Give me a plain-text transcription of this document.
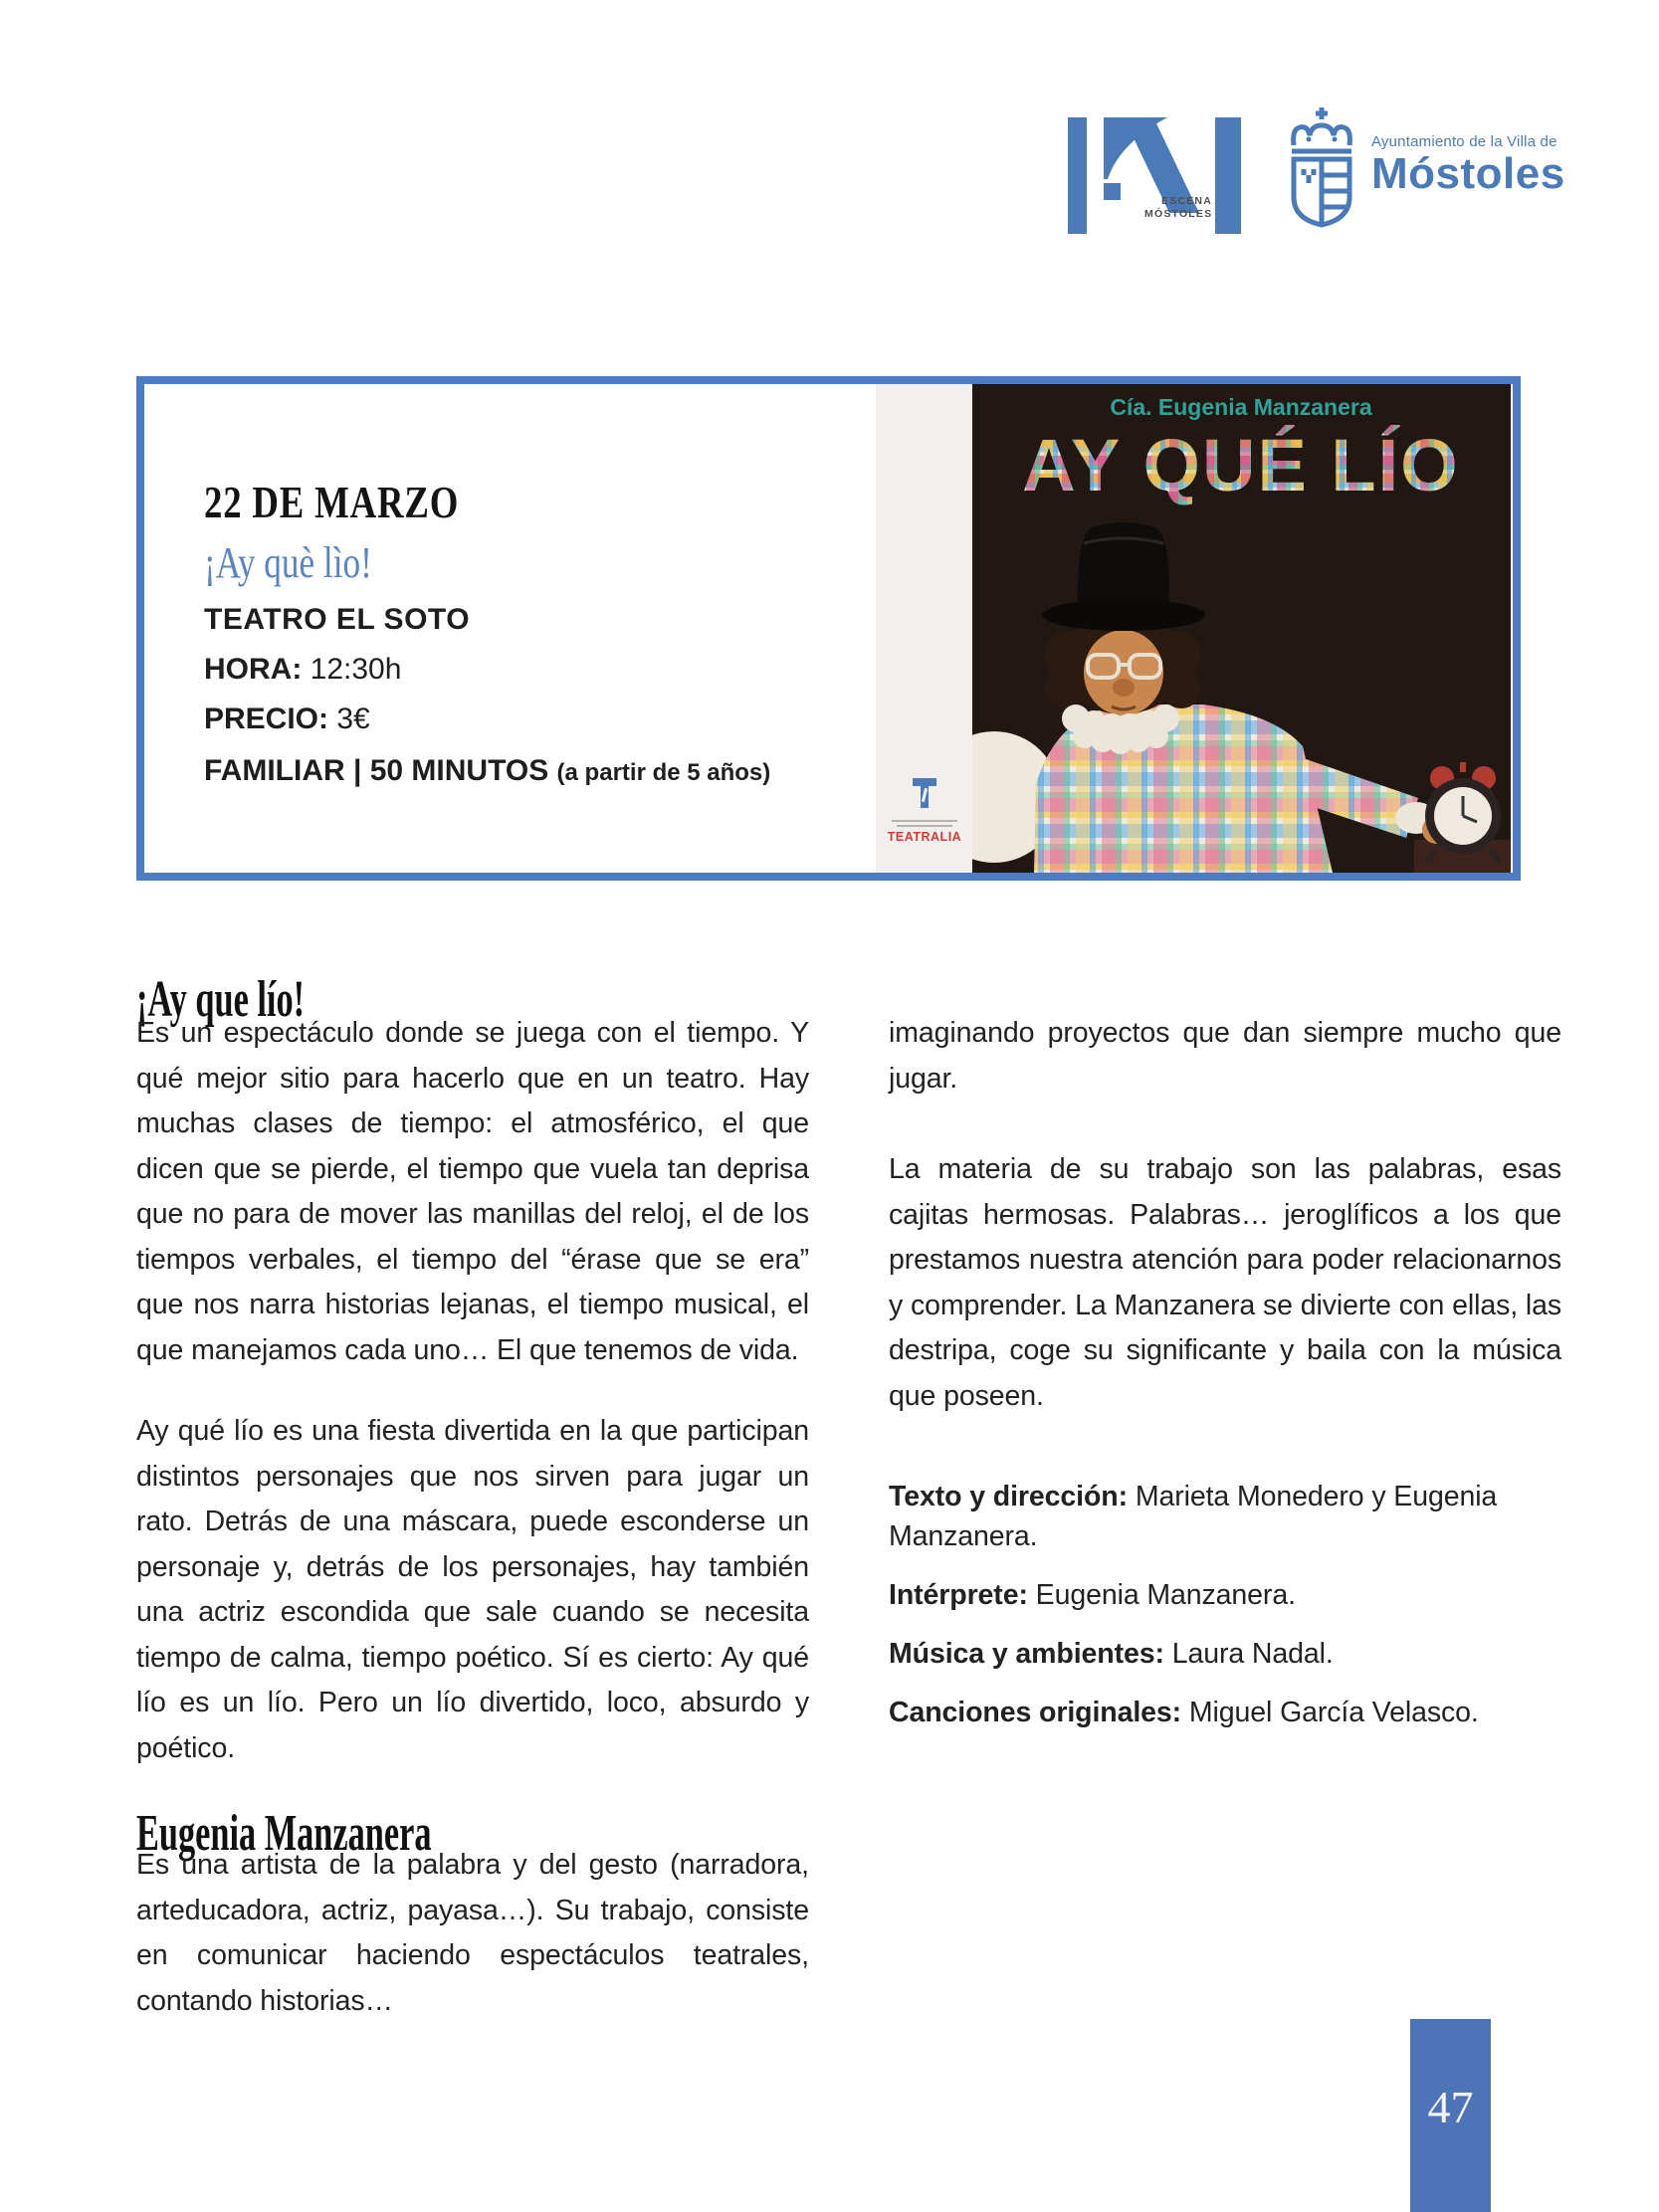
ESCENA
MÓSTOLES
Ayuntamiento de la Villa de
Móstoles
22 DE MARZO
¡Ay què lìo!
TEATRO EL SOTO
HORA: 12:30h
PRECIO: 3€
FAMILIAR | 50 MINUTOS (a partir de 5 años)
TEATRALIA
Cía. Eugenia Manzanera
AY QUÉ LÍO
¡Ay que lío!

Es un espectáculo donde se juega con el tiempo. Y qué mejor sitio para hacerlo que en un teatro. Hay muchas clases de tiempo: el atmosférico, el que dicen que se pierde, el tiempo que vuela tan deprisa que no para de mover las manillas del reloj, el de los tiempos verbales, el tiempo del “érase que se era” que nos narra historias lejanas, el tiempo musical, el que manejamos cada uno… El que tenemos de vida.

Ay qué lío es una fiesta divertida en la que participan distintos personajes que nos sirven para jugar un rato. Detrás de una máscara, puede esconderse un personaje y, detrás de los personajes, hay también una actriz escondida que sale cuando se necesita tiempo de calma, tiempo poético. Sí es cierto: Ay qué lío es un lío. Pero un lío divertido, loco, absurdo y poético.

Eugenia Manzanera

Es una artista de la palabra y del gesto (narradora, arteducadora, actriz, payasa…). Su trabajo, consiste en comunicar haciendo espectáculos teatrales, contando historias…

imaginando proyectos que dan siempre mucho que jugar.

La materia de su trabajo son las palabras, esas cajitas hermosas. Palabras… jeroglíficos a los que prestamos nuestra atención para poder relacionarnos y comprender. La Manzanera se divierte con ellas, las destripa, coge su significante y baila con la música que poseen.

Texto y dirección: Marieta Monedero y Eugenia Manzanera.
Intérprete: Eugenia Manzanera.
Música y ambientes: Laura Nadal.
Canciones originales: Miguel García Velasco.
47
